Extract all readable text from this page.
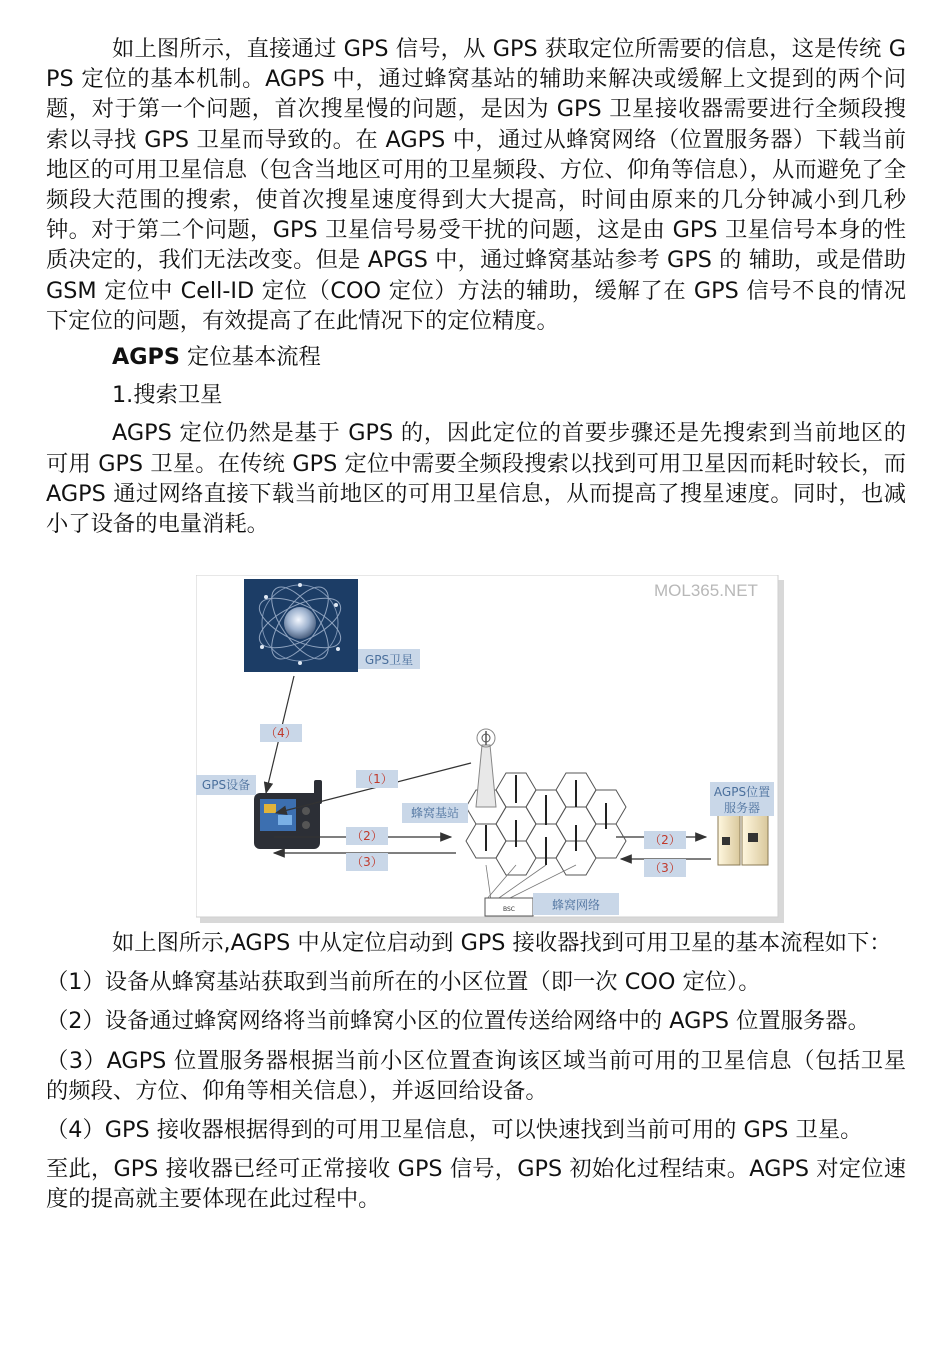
如上图所示，直接通过 GPS 信号，从 GPS 获取定位所需要的信息，这是传统 GPS 定位的基本机制。AGPS 中，通过蜂窝基站的辅助来解决或缓解上文提到的两个问题，对于第一个问题，首次搜星慢的问题，是因为 GPS 卫星接收器需要进行全频段搜索以寻找 GPS 卫星而导致的。在 AGPS 中，通过从蜂窝网络（位置服务器）下载当前地区的可用卫星信息（包含当地区可用的卫星频段、方位、仰角等信息），从而避免了全频段大范围的搜索，使首次搜星速度得到大大提高，时间由原来的几分钟减小到几秒钟。对于第二个问题，GPS 卫星信号易受干扰的问题，这是由 GPS 卫星信号本身的性质决定的，我们无法改变。但是 APGS 中，通过蜂窝基站参考 GPS 的 辅助，或是借助 GSM 定位中 Cell-ID 定位（COO 定位）方法的辅助，缓解了在 GPS 信号不良的情况下定位的问题，有效提高了在此情况下的定位精度。

AGPS 定位基本流程

1.搜索卫星

AGPS 定位仍然是基于 GPS 的，因此定位的首要步骤还是先搜索到当前地区的可用 GPS 卫星。在传统 GPS 定位中需要全频段搜索以找到可用卫星因而耗时较长，而 AGPS 通过网络直接下载当前地区的可用卫星信息，从而提高了搜星速度。同时，也减小了设备的电量消耗。

MOL365.NET
GPS卫星
GPS设备
（4）
（1）
（2）
（3）
（2）
（3）
蜂窝基站
BSC	蜂窝网络
AGPS位置
服务器

如上图所示,AGPS 中从定位启动到 GPS 接收器找到可用卫星的基本流程如下：

（1）设备从蜂窝基站获取到当前所在的小区位置（即一次 COO 定位）。

（2）设备通过蜂窝网络将当前蜂窝小区的位置传送给网络中的 AGPS 位置服务器。

（3）AGPS 位置服务器根据当前小区位置查询该区域当前可用的卫星信息（包括卫星的频段、方位、仰角等相关信息），并返回给设备。

（4）GPS 接收器根据得到的可用卫星信息，可以快速找到当前可用的 GPS 卫星。

至此，GPS 接收器已经可正常接收 GPS 信号，GPS 初始化过程结束。AGPS 对定位速度的提高就主要体现在此过程中。
